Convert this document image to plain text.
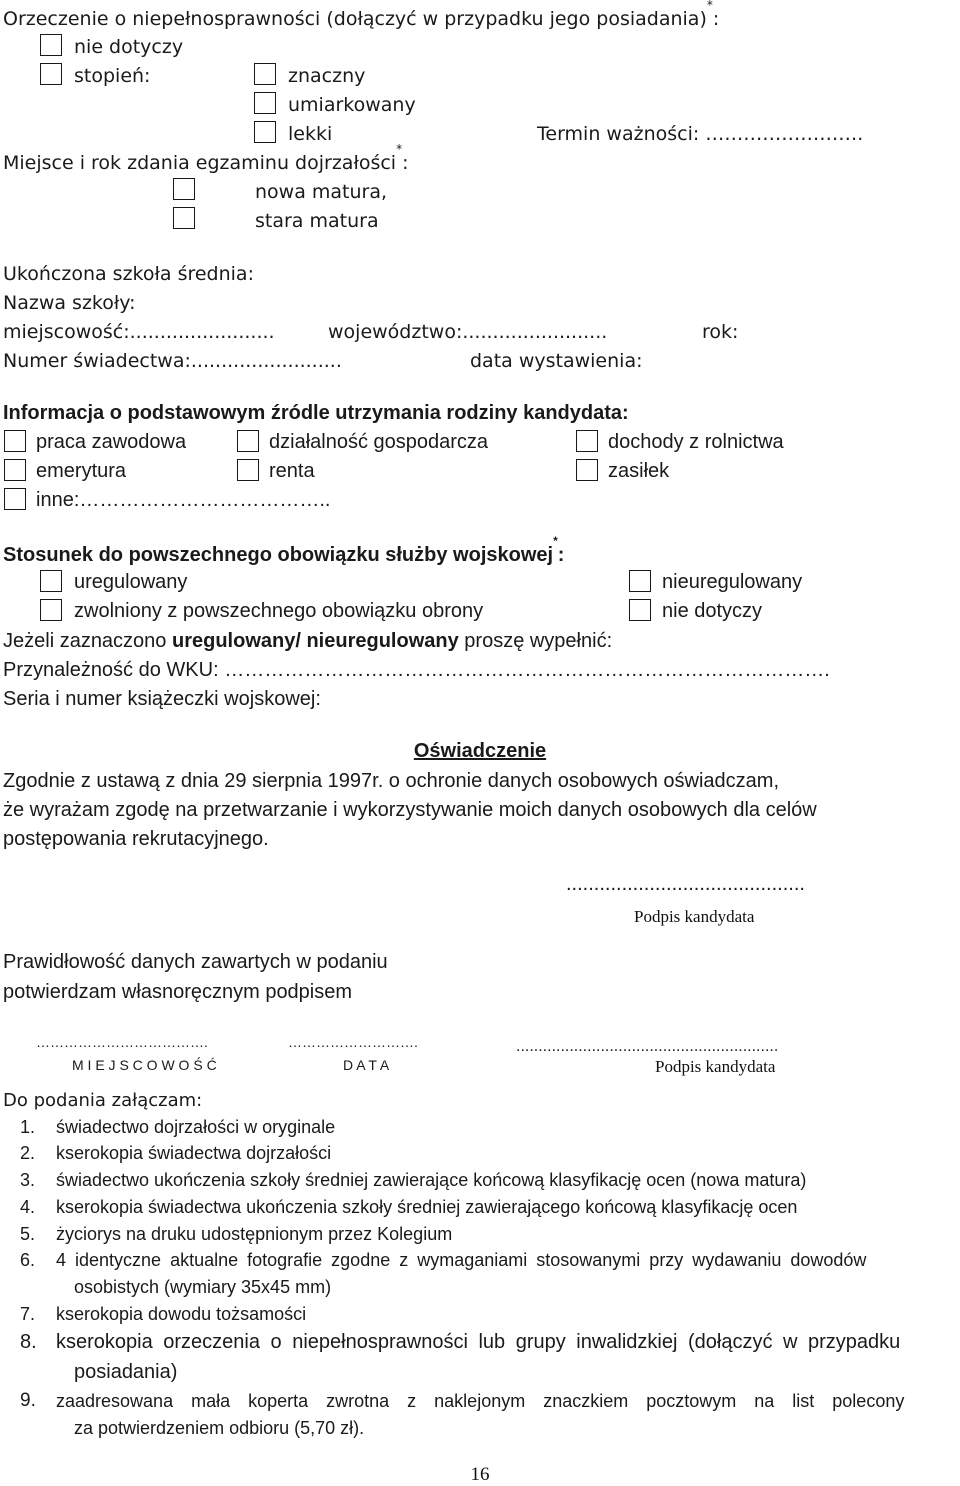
Orzeczenie o niepełnosprawności (dołączyć w przypadku jego posiadania)*:
nie dotyczy
stopień:	znaczny
umiarkowany
lekki	Termin ważności: …………………….
Miejsce i rok zdania egzaminu dojrzałości*:
nowa matura,
stara matura
Ukończona szkoła średnia:
Nazwa szkoły:
miejscowość:........................	województwo:........................	rok:
Numer świadectwa:.........................	data wystawienia:
Informacja o podstawowym źródle utrzymania rodziny kandydata:
praca zawodowa	działalność gospodarcza	dochody z rolnictwa
emerytura	renta	zasiłek
inne:………………………………..
Stosunek do powszechnego obowiązku służby wojskowej*:
uregulowany	nieuregulowany
zwolniony z powszechnego obowiązku obrony	nie dotyczy
Jeżeli zaznaczono uregulowany/ nieuregulowany proszę wypełnić:
Przynależność do WKU: ……………………………………………………………………………….
Seria i numer książeczki wojskowej:
Oświadczenie
Zgodnie z ustawą z dnia 29 sierpnia 1997r. o ochronie danych osobowych oświadczam,
że wyrażam zgodę na przetwarzanie i wykorzystywanie moich danych osobowych dla celów
postępowania rekrutacyjnego.
...........................................
Podpis kandydata
Prawidłowość danych zawartych w podaniu
potwierdzam własnoręcznym podpisem
……………………………….
M I E J S C O W O Ś Ć
……………………….
D A T A
...........................................................
Podpis kandydata
Do podania załączam:
1. świadectwo dojrzałości w oryginale
2. kserokopia świadectwa dojrzałości
3. świadectwo ukończenia szkoły średniej zawierające końcową klasyfikację ocen (nowa matura)
4. kserokopia świadectwa ukończenia szkoły średniej zawierającego końcową klasyfikację ocen
5. życiorys na druku udostępnionym przez Kolegium
6. 4 identyczne aktualne fotografie zgodne z wymaganiami stosowanymi przy wydawaniu dowodów
osobistych (wymiary 35x45 mm)
7. kserokopia dowodu tożsamości
8. kserokopia orzeczenia o niepełnosprawności lub grupy inwalidzkiej (dołączyć w przypadku
posiadania)
9. zaadresowana mała koperta zwrotna z naklejonym znaczkiem pocztowym na list polecony
za potwierdzeniem odbioru (5,70 zł).
16
